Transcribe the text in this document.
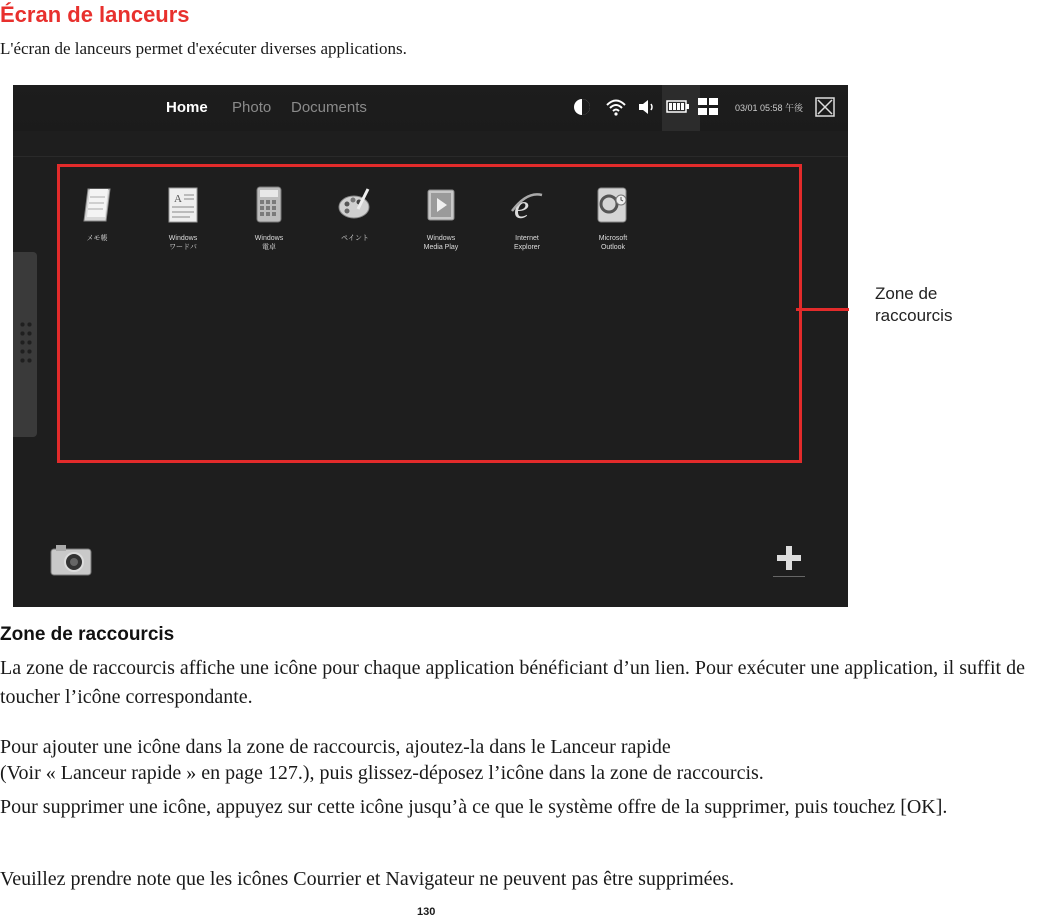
Écran de lanceurs
L'écran de lanceurs permet d'exécuter diverses applications.
Home Photo Documents	03/01 05:58 午後
メモ帳
A
Windows
ワードパ
Windows
電卓
ペイント	Windows
Media Play
e
Internet
Explorer
Microsoft
Outlook
Zone de
raccourcis
Zone de raccourcis

La zone de raccourcis affiche une icône pour chaque application bénéficiant d’un lien. Pour exécuter une application, il suffit de toucher l’icône correspondante.

Pour ajouter une icône dans la zone de raccourcis, ajoutez-la dans le Lanceur rapide

(Voir « Lanceur rapide » en page 127.), puis glissez-déposez l’icône dans la zone de raccourcis.

Pour supprimer une icône, appuyez sur cette icône jusqu’à ce que le système offre de la supprimer, puis touchez [OK].

Veuillez prendre note que les icônes Courrier et Navigateur ne peuvent pas être supprimées.

130
